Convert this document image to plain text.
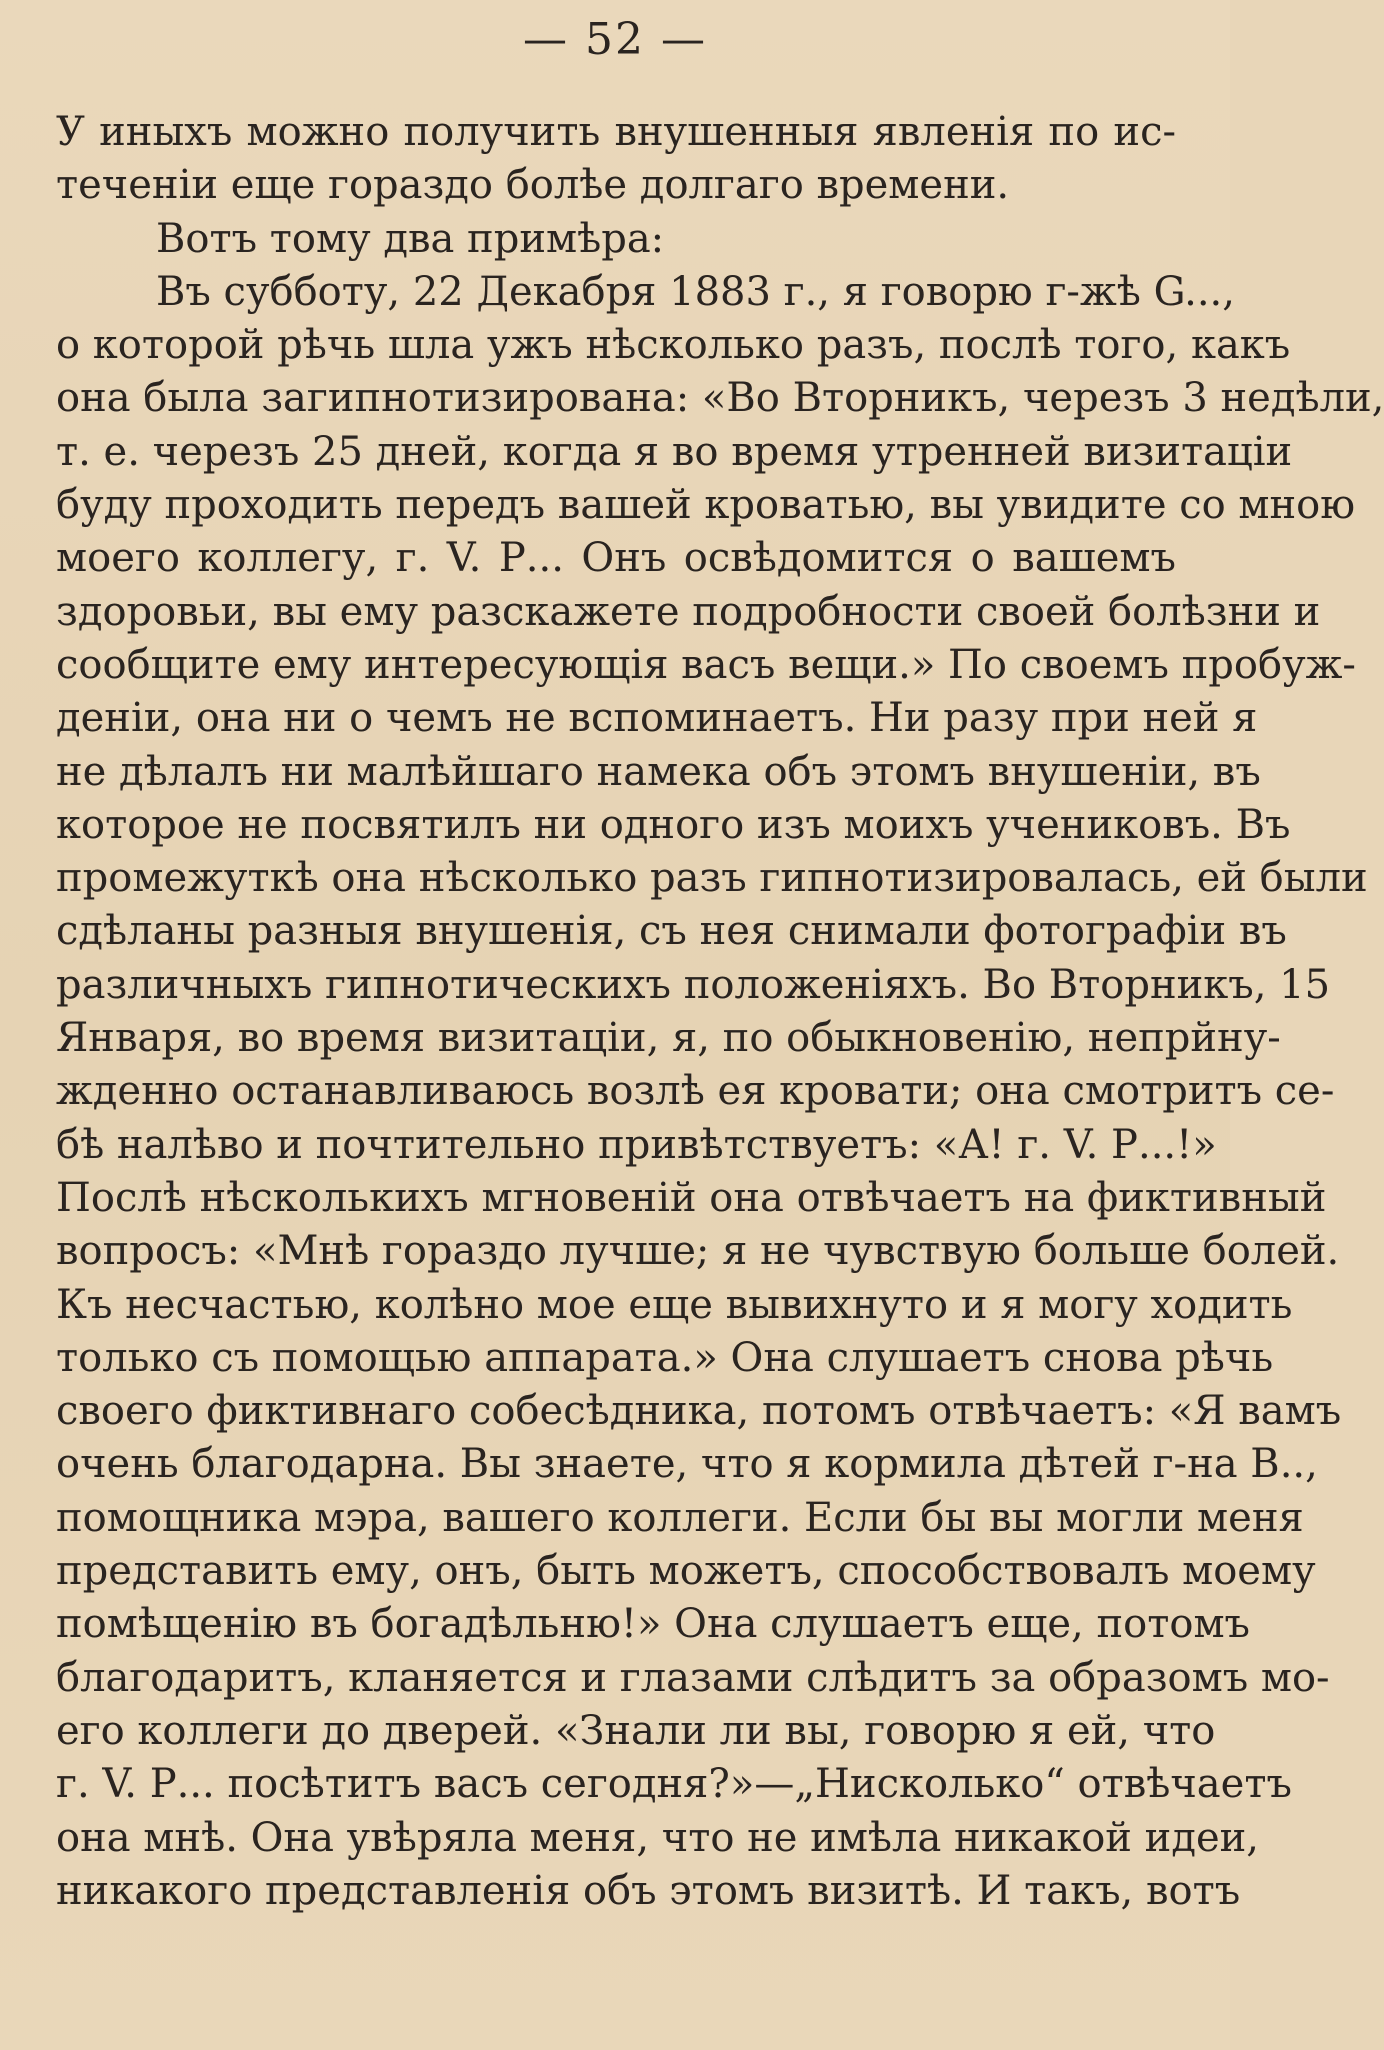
— 52 —
У иныхъ можно получить внушенныя явленія по ис-
теченіи еще гораздо болѣе долгаго времени.
Вотъ тому два примѣра:
Въ субботу, 22 Декабря 1883 г., я говорю г-жѣ G...,
о которой рѣчь шла ужъ нѣсколько разъ, послѣ того, какъ
она была загипнотизирована: «Во Вторникъ, черезъ 3 недѣли,
т. е. черезъ 25 дней, когда я во время утренней визитаціи
буду проходить передъ вашей кроватью, вы увидите со мною
моего коллегу, г. V. Р... Онъ освѣдомится о вашемъ
здоровьи, вы ему разскажете подробности своей болѣзни и
сообщите ему интересующія васъ вещи.» По своемъ пробуж-
деніи, она ни о чемъ не вспоминаетъ. Ни разу при ней я
не дѣлалъ ни малѣйшаго намека объ этомъ внушеніи, въ
которое не посвятилъ ни одного изъ моихъ учениковъ. Въ
промежуткѣ она нѣсколько разъ гипнотизировалась, ей были
сдѣланы разныя внушенія, съ нея снимали фотографіи въ
различныхъ гипнотическихъ положеніяхъ. Во Вторникъ, 15
Января, во время визитаціи, я, по обыкновенію, непрйну-
жденно останавливаюсь возлѣ ея кровати; она смотритъ се-
бѣ налѣво и почтительно привѣтствуетъ: «А! г. V. Р...!»
Послѣ нѣсколькихъ мгновеній она отвѣчаетъ на фиктивный
вопросъ: «Мнѣ гораздо лучше; я не чувствую больше болей.
Къ несчастью, колѣно мое еще вывихнуто и я могу ходить
только съ помощью аппарата.» Она слушаетъ снова рѣчь
своего фиктивнаго собесѣдника, потомъ отвѣчаетъ: «Я вамъ
очень благодарна. Вы знаете, что я кормила дѣтей г-на В..,
помощника мэра, вашего коллеги. Если бы вы могли меня
представить ему, онъ, быть можетъ, способствовалъ моему
помѣщенію въ богадѣльню!» Она слушаетъ еще, потомъ
благодаритъ, кланяется и глазами слѣдитъ за образомъ мо-
его коллеги до дверей. «Знали ли вы, говорю я ей, что
г. V. Р... посѣтитъ васъ сегодня?»—„Нисколько“ отвѣчаетъ
она мнѣ. Она увѣряла меня, что не имѣла никакой идеи,
никакого представленія объ этомъ визитѣ. И такъ, вотъ
